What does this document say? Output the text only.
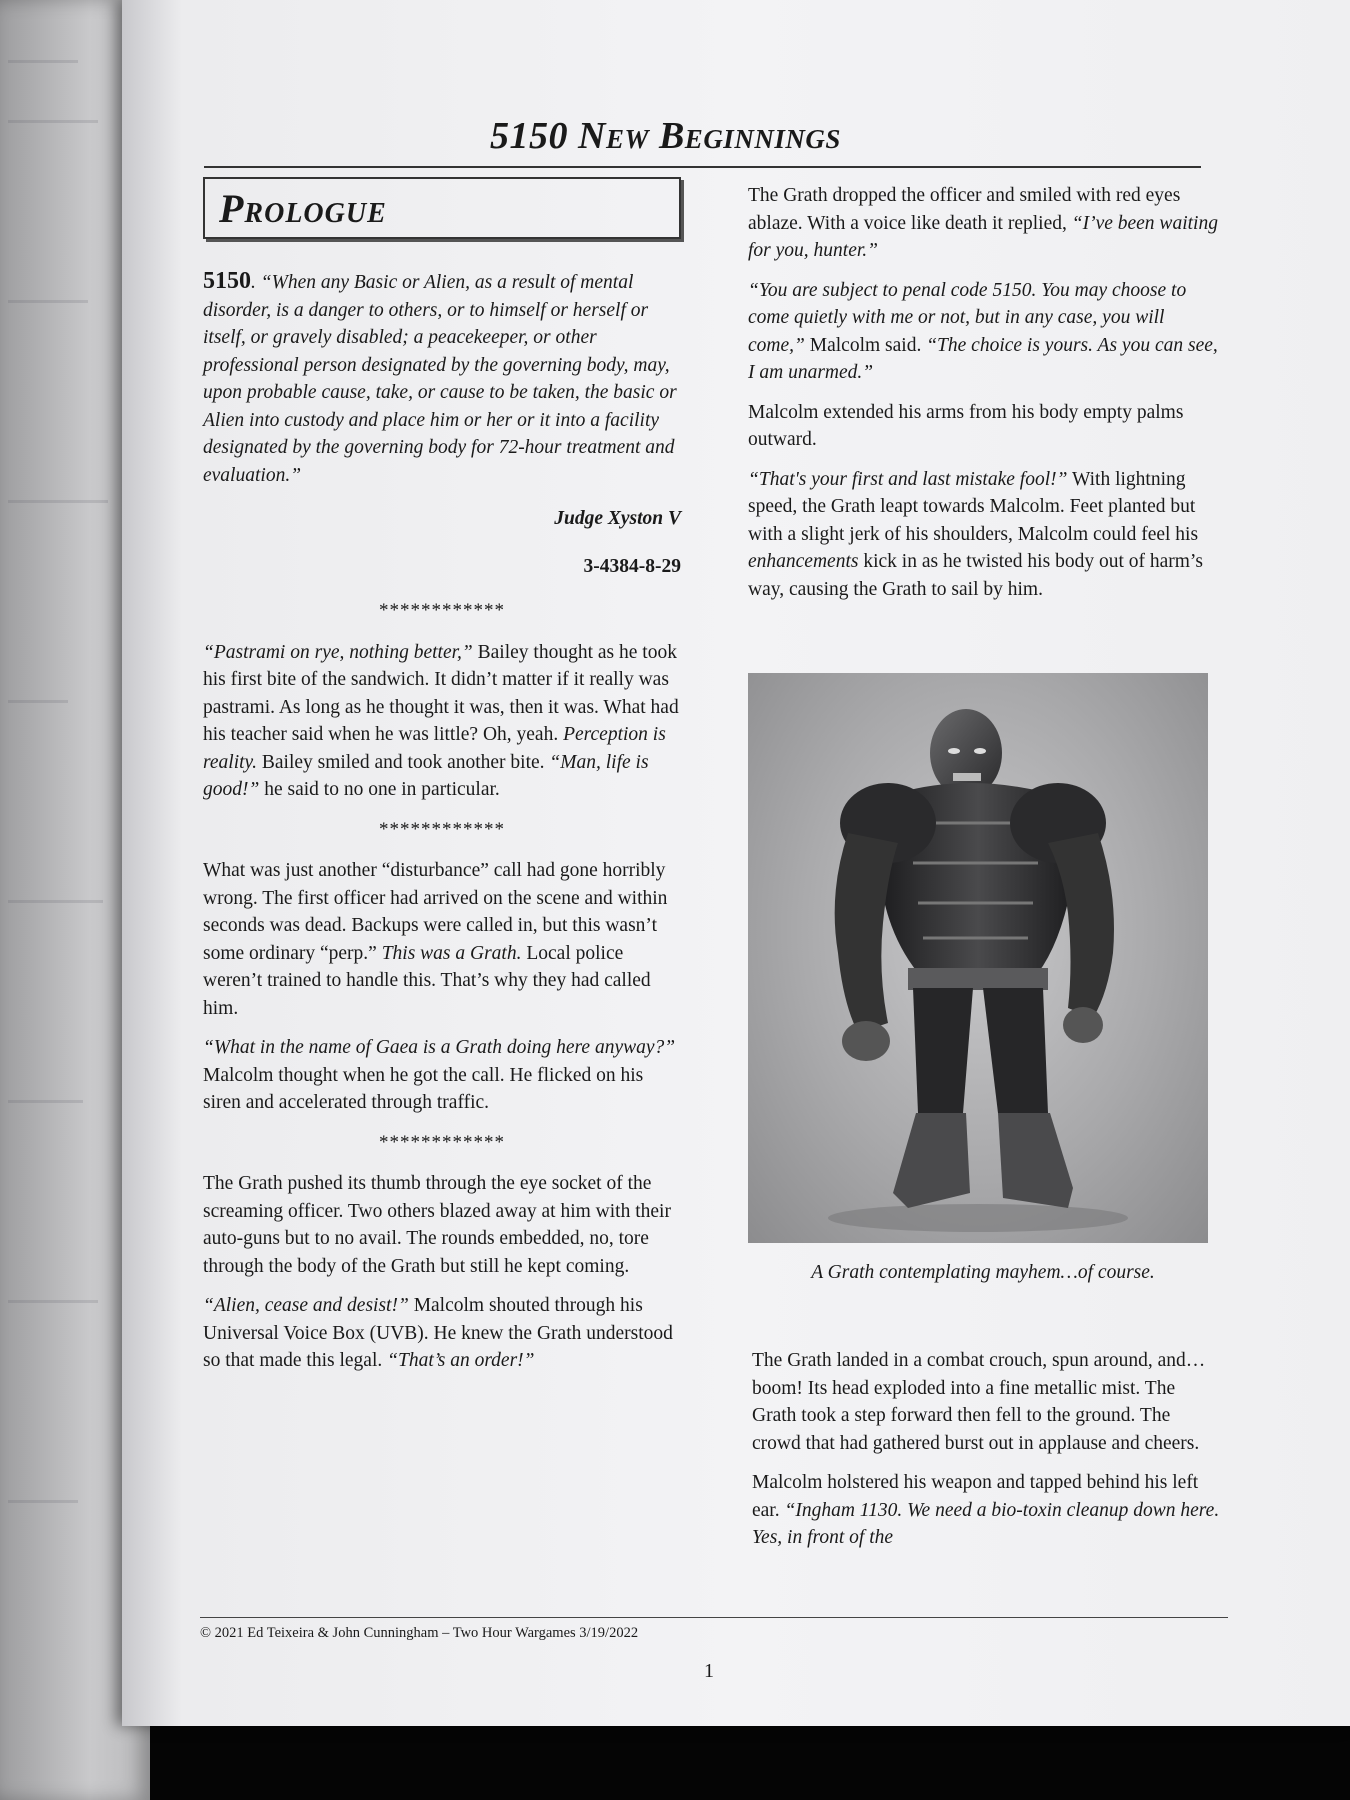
5150 New Beginnings
Prologue

5150. “When any Basic or Alien, as a result of mental disorder, is a danger to others, or to himself or herself or itself, or gravely disabled; a peacekeeper, or other professional person designated by the governing body, may, upon probable cause, take, or cause to be taken, the basic or Alien into custody and place him or her or it into a facility designated by the governing body for 72-hour treatment and evaluation.”

Judge Xyston V

3-4384-8-29

************

“Pastrami on rye, nothing better,” Bailey thought as he took his first bite of the sandwich. It didn’t matter if it really was pastrami. As long as he thought it was, then it was. What had his teacher said when he was little? Oh, yeah. Perception is reality. Bailey smiled and took another bite. “Man, life is good!” he said to no one in particular.

************

What was just another “disturbance” call had gone horribly wrong. The first officer had arrived on the scene and within seconds was dead. Backups were called in, but this wasn’t some ordinary “perp.” This was a Grath. Local police weren’t trained to handle this. That’s why they had called him.

“What in the name of Gaea is a Grath doing here anyway?” Malcolm thought when he got the call. He flicked on his siren and accelerated through traffic.

************

The Grath pushed its thumb through the eye socket of the screaming officer. Two others blazed away at him with their auto-guns but to no avail. The rounds embedded, no, tore through the body of the Grath but still he kept coming.

“Alien, cease and desist!” Malcolm shouted through his Universal Voice Box (UVB). He knew the Grath understood so that made this legal. “That’s an order!”

The Grath dropped the officer and smiled with red eyes ablaze. With a voice like death it replied, “I’ve been waiting for you, hunter.”

“You are subject to penal code 5150. You may choose to come quietly with me or not, but in any case, you will come,” Malcolm said. “The choice is yours. As you can see, I am unarmed.”

Malcolm extended his arms from his body empty palms outward.

“That's your first and last mistake fool!” With lightning speed, the Grath leapt towards Malcolm. Feet planted but with a slight jerk of his shoulders, Malcolm could feel his enhancements kick in as he twisted his body out of harm’s way, causing the Grath to sail by him.

A Grath contemplating mayhem…of course.

The Grath landed in a combat crouch, spun around, and…boom! Its head exploded into a fine metallic mist. The Grath took a step forward then fell to the ground. The crowd that had gathered burst out in applause and cheers.

Malcolm holstered his weapon and tapped behind his left ear. “Ingham 1130. We need a bio-toxin cleanup down here. Yes, in front of the

© 2021 Ed Teixeira & John Cunningham – Two Hour Wargames 3/19/2022
1
